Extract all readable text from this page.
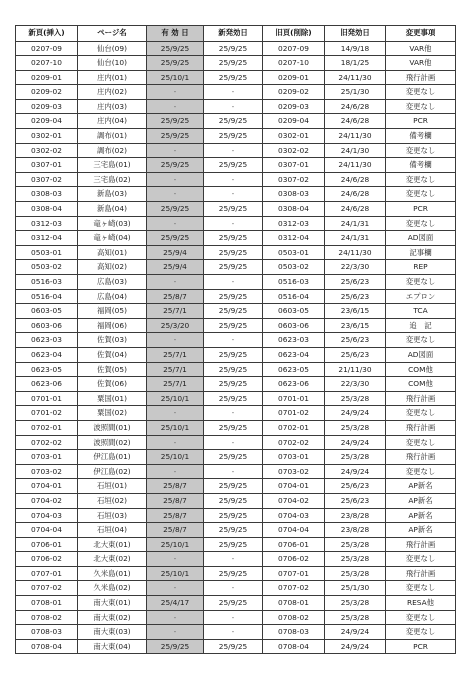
新頁(挿入)	ページ名	有 効 日	新発効日	旧頁(削除)	旧発効日	変更事項
0207-09	仙台(09)	25/9/25	25/9/25	0207-09	14/9/18	VAR他
0207-10	仙台(10)	25/9/25	25/9/25	0207-10	18/1/25	VAR他
0209-01	庄内(01)	25/10/1	25/9/25	0209-01	24/11/30	飛行計画
0209-02	庄内(02)	-	-	0209-02	25/1/30	変更なし
0209-03	庄内(03)	-	-	0209-03	24/6/28	変更なし
0209-04	庄内(04)	25/9/25	25/9/25	0209-04	24/6/28	PCR
0302-01	調布(01)	25/9/25	25/9/25	0302-01	24/11/30	備考欄
0302-02	調布(02)	-	-	0302-02	24/1/30	変更なし
0307-01	三宅島(01)	25/9/25	25/9/25	0307-01	24/11/30	備考欄
0307-02	三宅島(02)	-	-	0307-02	24/6/28	変更なし
0308-03	新島(03)	-	-	0308-03	24/6/28	変更なし
0308-04	新島(04)	25/9/25	25/9/25	0308-04	24/6/28	PCR
0312-03	竜ヶ崎(03)	-	-	0312-03	24/1/31	変更なし
0312-04	竜ヶ崎(04)	25/9/25	25/9/25	0312-04	24/1/31	AD図面
0503-01	高知(01)	25/9/4	25/9/25	0503-01	24/11/30	記事欄
0503-02	高知(02)	25/9/4	25/9/25	0503-02	22/3/30	REP
0516-03	広島(03)	-	-	0516-03	25/6/23	変更なし
0516-04	広島(04)	25/8/7	25/9/25	0516-04	25/6/23	エプロン
0603-05	福岡(05)	25/7/1	25/9/25	0603-05	23/6/15	TCA
0603-06	福岡(06)	25/3/20	25/9/25	0603-06	23/6/15	追　記
0623-03	佐賀(03)	-	-	0623-03	25/6/23	変更なし
0623-04	佐賀(04)	25/7/1	25/9/25	0623-04	25/6/23	AD図面
0623-05	佐賀(05)	25/7/1	25/9/25	0623-05	21/11/30	COM他
0623-06	佐賀(06)	25/7/1	25/9/25	0623-06	22/3/30	COM他
0701-01	粟国(01)	25/10/1	25/9/25	0701-01	25/3/28	飛行計画
0701-02	粟国(02)	-	-	0701-02	24/9/24	変更なし
0702-01	波照間(01)	25/10/1	25/9/25	0702-01	25/3/28	飛行計画
0702-02	波照間(02)	-	-	0702-02	24/9/24	変更なし
0703-01	伊江島(01)	25/10/1	25/9/25	0703-01	25/3/28	飛行計画
0703-02	伊江島(02)	-	-	0703-02	24/9/24	変更なし
0704-01	石垣(01)	25/8/7	25/9/25	0704-01	25/6/23	AP新名
0704-02	石垣(02)	25/8/7	25/9/25	0704-02	25/6/23	AP新名
0704-03	石垣(03)	25/8/7	25/9/25	0704-03	23/8/28	AP新名
0704-04	石垣(04)	25/8/7	25/9/25	0704-04	23/8/28	AP新名
0706-01	北大東(01)	25/10/1	25/9/25	0706-01	25/3/28	飛行計画
0706-02	北大東(02)	-	-	0706-02	25/3/28	変更なし
0707-01	久米島(01)	25/10/1	25/9/25	0707-01	25/3/28	飛行計画
0707-02	久米島(02)	-	-	0707-02	25/1/30	変更なし
0708-01	南大東(01)	25/4/17	25/9/25	0708-01	25/3/28	RESA他
0708-02	南大東(02)	-	-	0708-02	25/3/28	変更なし
0708-03	南大東(03)	-	-	0708-03	24/9/24	変更なし
0708-04	南大東(04)	25/9/25	25/9/25	0708-04	24/9/24	PCR
